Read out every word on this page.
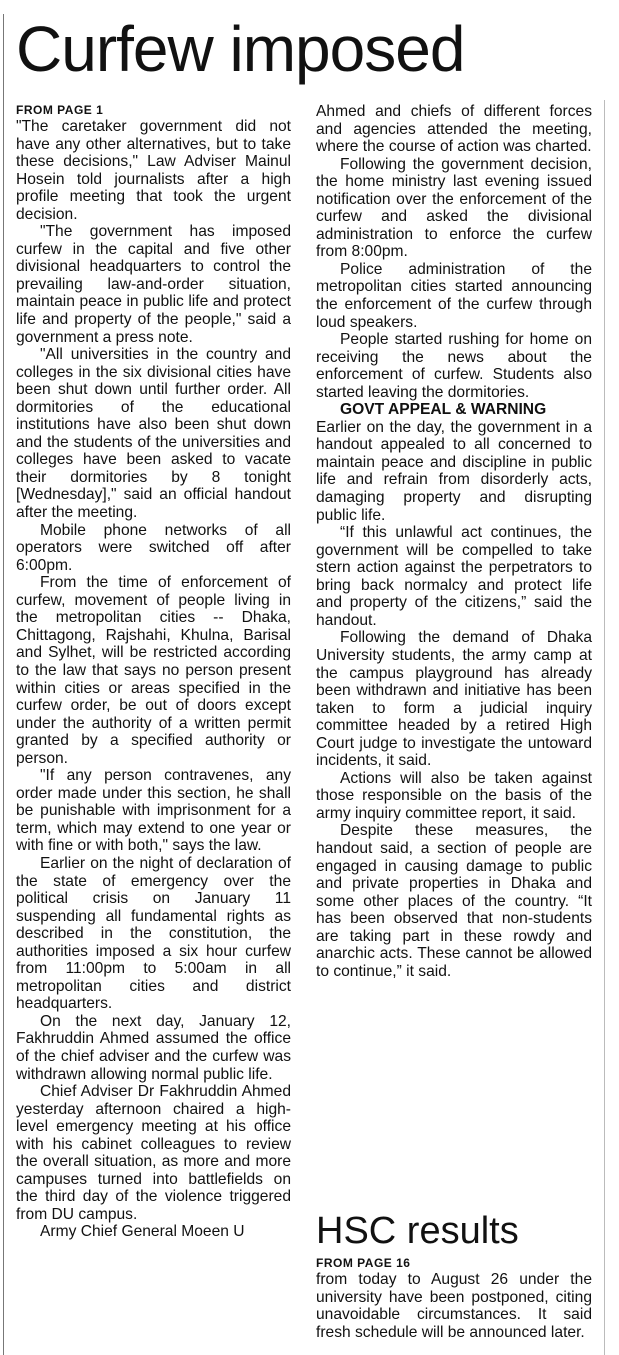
Curfew imposed
FROM PAGE 1

"The caretaker government did not have any other alternatives, but to take these decisions," Law Adviser Mainul Hosein told journalists after a high profile meeting that took the urgent decision.

"The government has imposed curfew in the capital and five other divisional headquarters to control the prevailing law-and-order situation, maintain peace in public life and protect life and property of the people," said a government a press note.

"All universities in the country and colleges in the six divisional cities have been shut down until further order. All dormitories of the educational institutions have also been shut down and the students of the universities and colleges have been asked to vacate their dormitories by 8 tonight [Wednesday]," said an official handout after the meeting.

Mobile phone networks of all operators were switched off after 6:00pm.

From the time of enforcement of curfew, movement of people living in the metropolitan cities -- Dhaka, Chittagong, Rajshahi, Khulna, Barisal and Sylhet, will be restricted according to the law that says no person present within cities or areas specified in the curfew order, be out of doors except under the authority of a written permit granted by a specified authority or person.

"If any person contravenes, any order made under this section, he shall be punishable with imprisonment for a term, which may extend to one year or with fine or with both," says the law.

Earlier on the night of declaration of the state of emergency over the political crisis on January 11 suspending all fundamental rights as described in the constitution, the authorities imposed a six hour curfew from 11:00pm to 5:00am in all metropolitan cities and district headquarters.

On the next day, January 12, Fakhruddin Ahmed assumed the office of the chief adviser and the curfew was withdrawn allowing normal public life.

Chief Adviser Dr Fakhruddin Ahmed yesterday afternoon chaired a high-level emergency meeting at his office with his cabinet colleagues to review the overall situation, as more and more campuses turned into battlefields on the third day of the violence triggered from DU campus.

Army Chief General Moeen U

Ahmed and chiefs of different forces and agencies attended the meeting, where the course of action was charted.

Following the government decision, the home ministry last evening issued notification over the enforcement of the curfew and asked the divisional administration to enforce the curfew from 8:00pm.

Police administration of the metropolitan cities started announcing the enforcement of the curfew through loud speakers.

People started rushing for home on receiving the news about the enforcement of curfew. Students also started leaving the dormitories.

GOVT APPEAL & WARNING

Earlier on the day, the government in a handout appealed to all concerned to maintain peace and discipline in public life and refrain from disorderly acts, damaging property and disrupting public life.

“If this unlawful act continues, the government will be compelled to take stern action against the perpetrators to bring back normalcy and protect life and property of the citizens,” said the handout.

Following the demand of Dhaka University students, the army camp at the campus playground has already been withdrawn and initiative has been taken to form a judicial inquiry committee headed by a retired High Court judge to investigate the untoward incidents, it said.

Actions will also be taken against those responsible on the basis of the army inquiry committee report, it said.

Despite these measures, the handout said, a section of people are engaged in causing damage to public and private properties in Dhaka and some other places of the country. “It has been observed that non-students are taking part in these rowdy and anarchic acts. These cannot be allowed to continue,” it said.

HSC results
FROM PAGE 16

from today to August 26 under the university have been postponed, citing unavoidable circumstances. It said fresh schedule will be announced later.
